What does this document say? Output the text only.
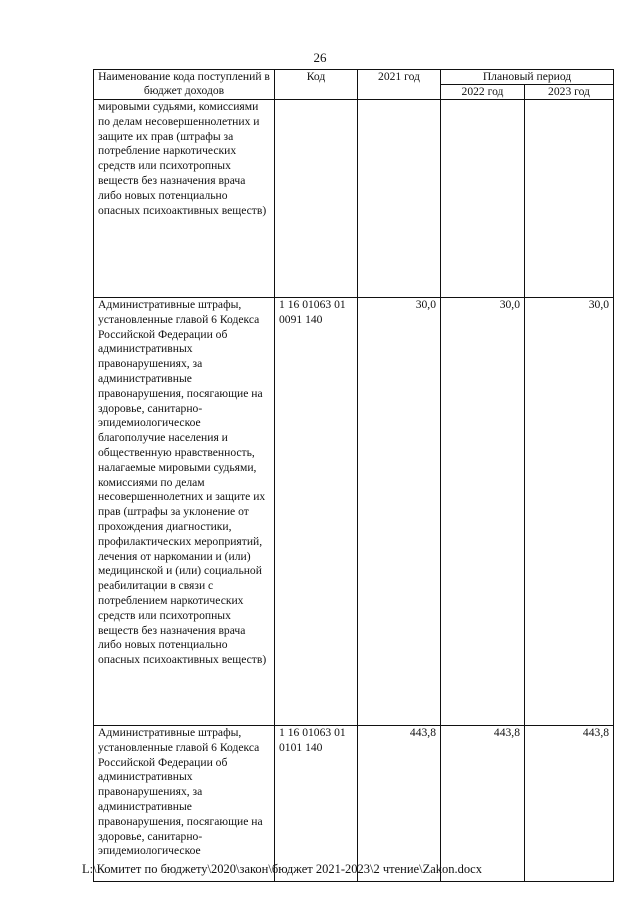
26
Наименование кода поступлений в бюджет доходов	Код	2021 год	Плановый период	
			2022 год	2023 год
мировыми судьями, комиссиями по делам несовершеннолетних и защите их прав (штрафы за потребление наркотических средств или психотропных веществ без назначения врача либо новых потенциально опасных психоактивных веществ)				
Административные штрафы, установленные главой 6 Кодекса Российской Федерации об административных правонарушениях, за административные правонарушения, посягающие на здоровье, санитарно-эпидемиологическое благополучие населения и общественную нравственность, налагаемые мировыми судьями, комиссиями по делам несовершеннолетних и защите их прав (штрафы за уклонение от прохождения диагностики, профилактических мероприятий, лечения от наркомании и (или) медицинской и (или) социальной реабилитации в связи с потреблением наркотических средств или психотропных веществ без назначения врача либо новых потенциально опасных психоактивных веществ)	1 16 01063 01 0091 140	30,0	30,0	30,0
Административные штрафы, установленные главой 6 Кодекса Российской Федерации об административных правонарушениях, за административные правонарушения, посягающие на здоровье, санитарно-эпидемиологическое	1 16 01063 01 0101 140	443,8	443,8	443,8
L:\Комитет по бюджету\2020\закон\бюджет 2021-2023\2 чтение\Zakon.docx
